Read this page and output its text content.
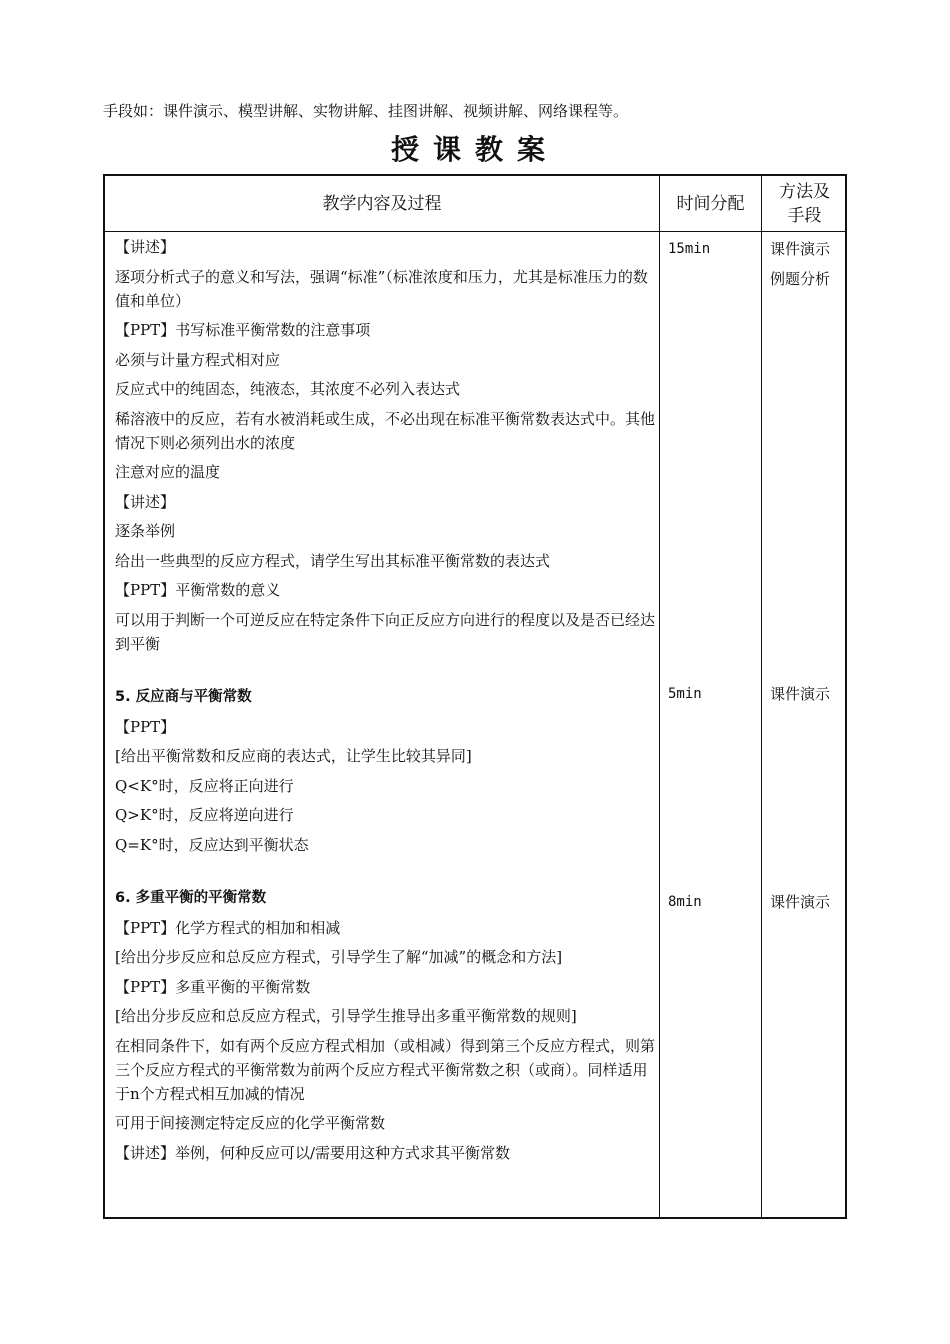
手段如：课件演示、模型讲解、实物讲解、挂图讲解、视频讲解、网络课程等。
授课教案
教学内容及过程	时间分配
方法及
手段
【讲述】
逐项分析式子的意义和写法，强调“标准”（标准浓度和压力，尤其是标准压力的数值和单位）
【PPT】书写标准平衡常数的注意事项
必须与计量方程式相对应
反应式中的纯固态，纯液态，其浓度不必列入表达式
稀溶液中的反应，若有水被消耗或生成，不必出现在标准平衡常数表达式中。其他情况下则必须列出水的浓度
注意对应的温度
【讲述】
逐条举例
给出一些典型的反应方程式，请学生写出其标准平衡常数的表达式
【PPT】平衡常数的意义
可以用于判断一个可逆反应在特定条件下向正反应方向进行的程度以及是否已经达到平衡
5. 反应商与平衡常数
【PPT】
[给出平衡常数和反应商的表达式，让学生比较其异同]
Q<K°时，反应将正向进行
Q>K°时，反应将逆向进行
Q=K°时，反应达到平衡状态
6. 多重平衡的平衡常数
【PPT】化学方程式的相加和相减
[给出分步反应和总反应方程式，引导学生了解“加减”的概念和方法]
【PPT】多重平衡的平衡常数
[给出分步反应和总反应方程式，引导学生推导出多重平衡常数的规则]
在相同条件下，如有两个反应方程式相加（或相减）得到第三个反应方程式，则第三个反应方程式的平衡常数为前两个反应方程式平衡常数之积（或商）。同样适用于n个方程式相互加减的情况
可用于间接测定特定反应的化学平衡常数
【讲述】举例，何种反应可以/需要用这种方式求其平衡常数
15min
5min
8min
课件演示
例题分析
课件演示
课件演示
